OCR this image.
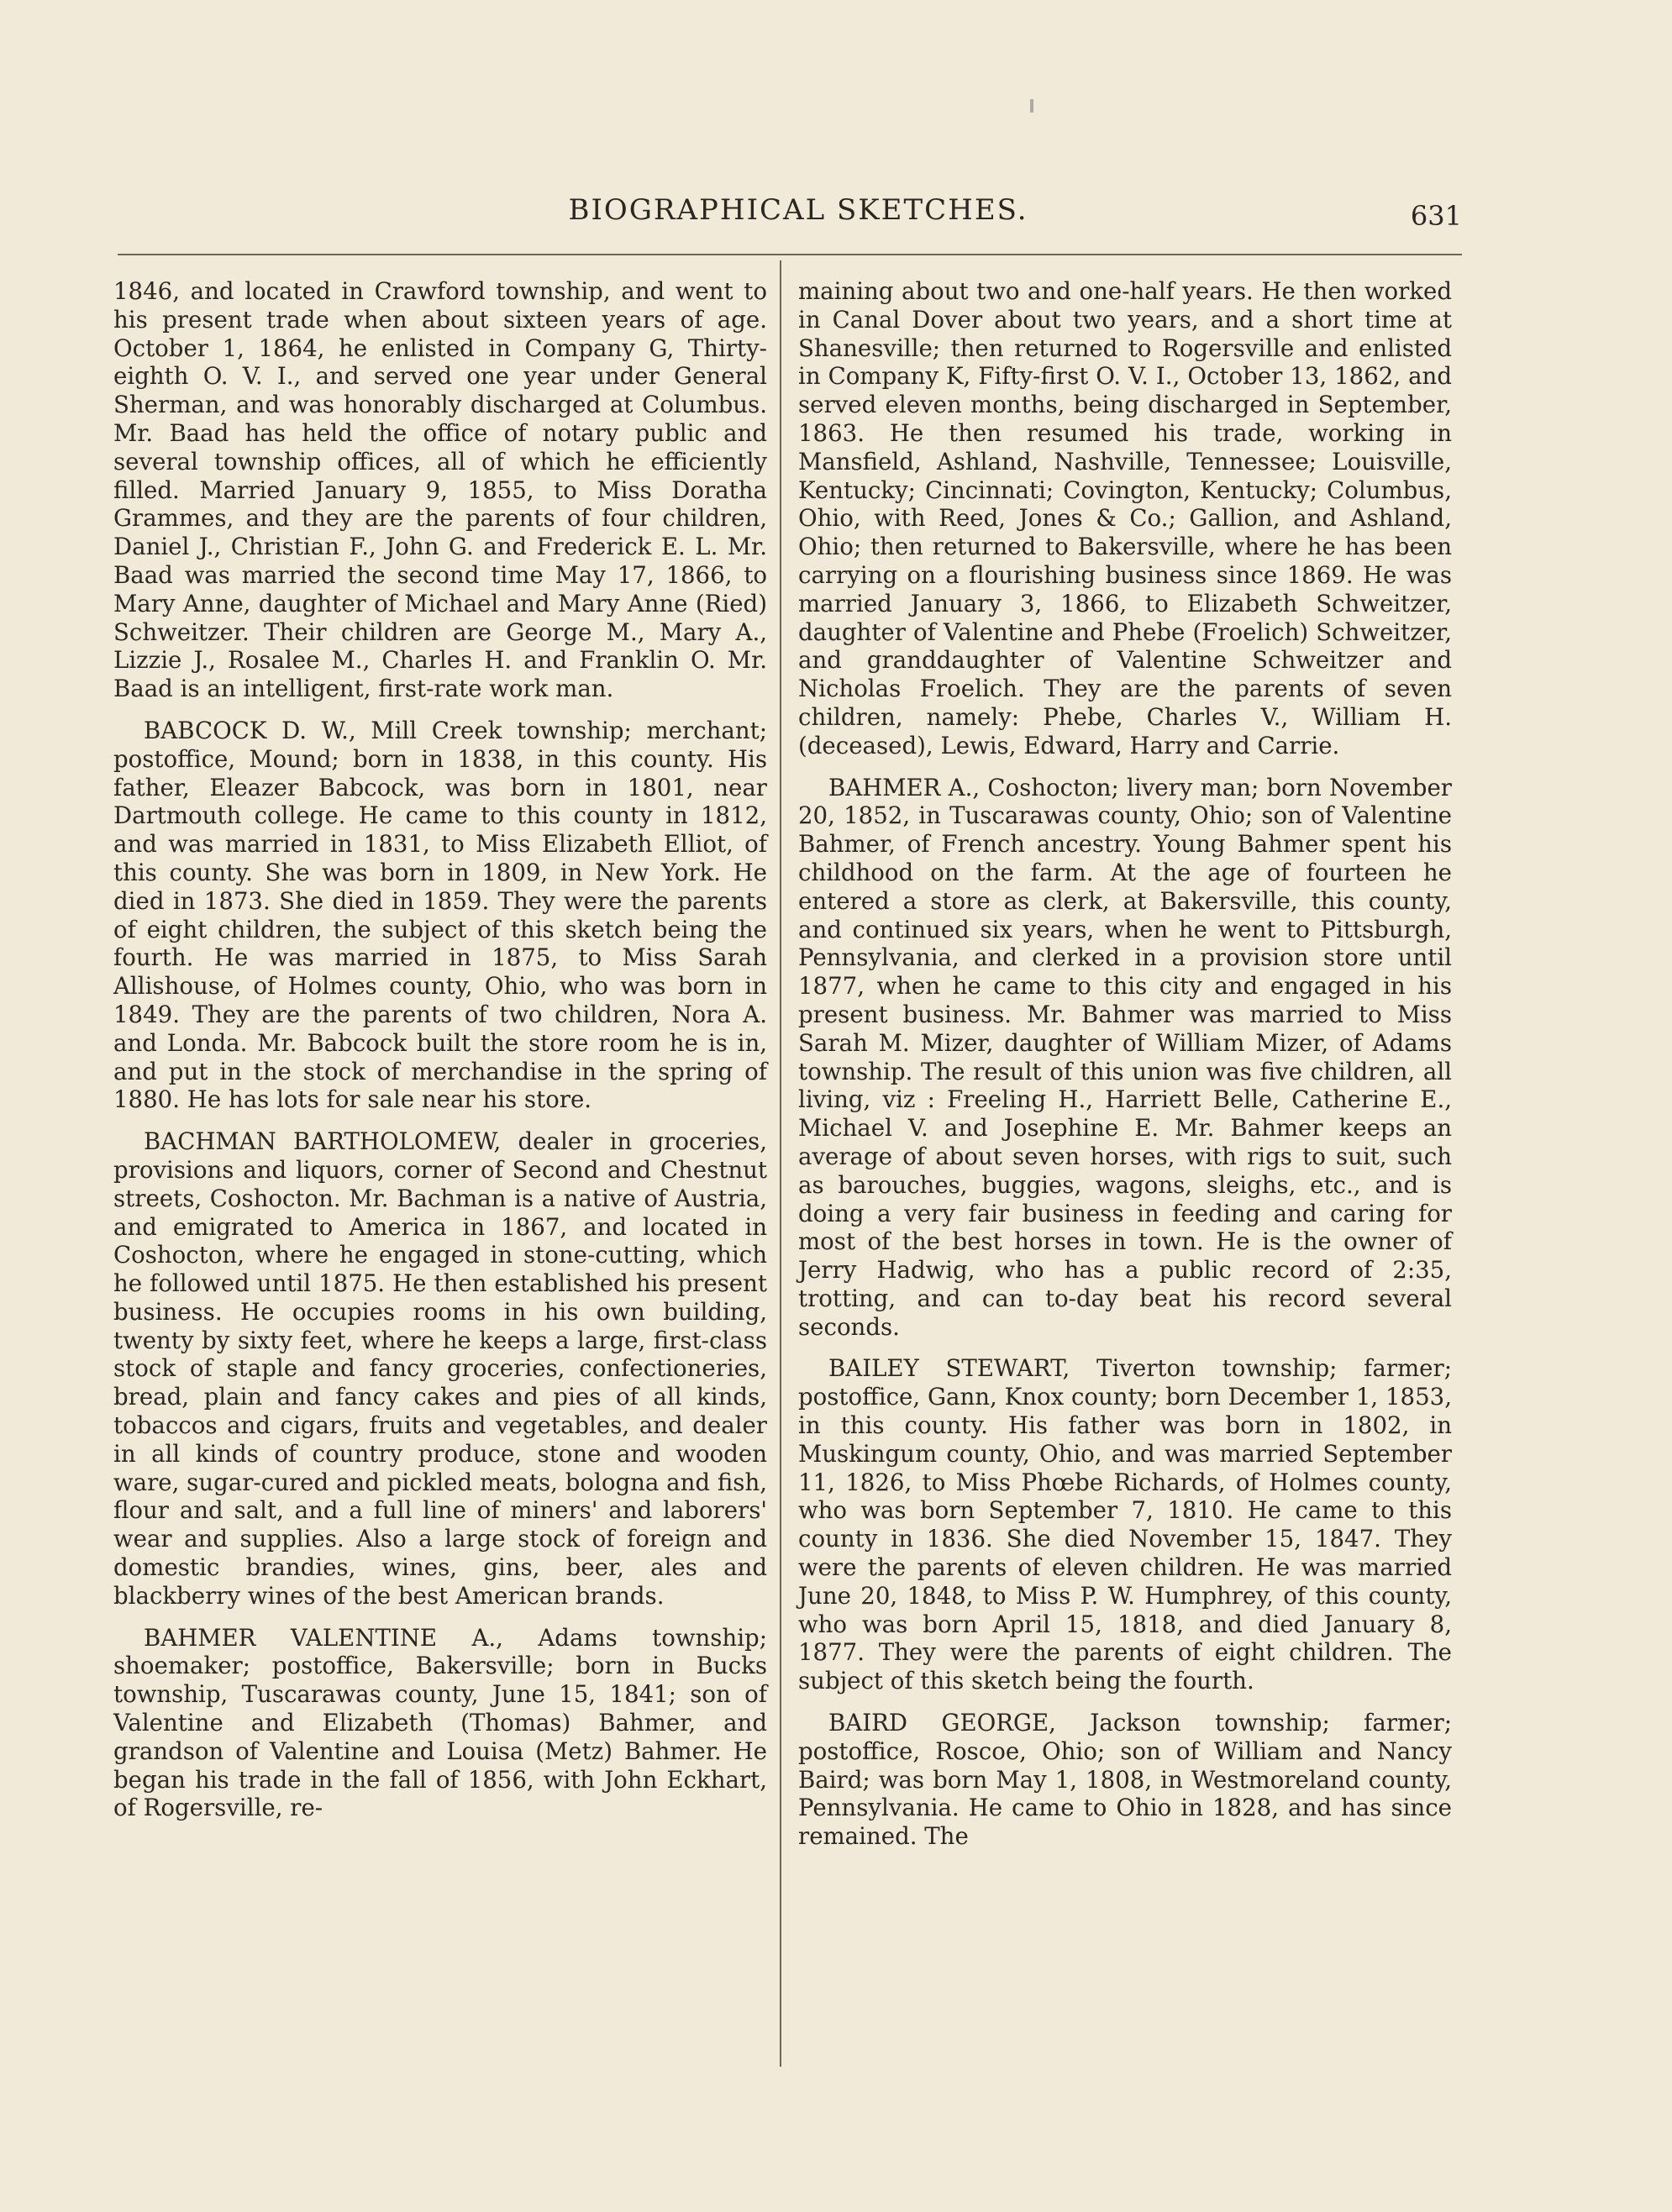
BIOGRAPHICAL SKETCHES.	631

1846, and located in Crawford township, and went to his present trade when about sixteen years of age. October 1, 1864, he enlisted in Company G, Thirty-eighth O. V. I., and served one year under General Sherman, and was honorably discharged at Columbus. Mr. Baad has held the office of notary public and several township offices, all of which he efficiently filled. Married January 9, 1855, to Miss Doratha Grammes, and they are the parents of four children, Daniel J., Christian F., John G. and Frederick E. L. Mr. Baad was married the second time May 17, 1866, to Mary Anne, daughter of Michael and Mary Anne (Ried) Schweitzer. Their children are George M., Mary A., Lizzie J., Rosalee M., Charles H. and Franklin O. Mr. Baad is an intelligent, first-rate work man.

BABCOCK D. W., Mill Creek township; merchant; postoffice, Mound; born in 1838, in this county. His father, Eleazer Babcock, was born in 1801, near Dartmouth college. He came to this county in 1812, and was married in 1831, to Miss Elizabeth Elliot, of this county. She was born in 1809, in New York. He died in 1873. She died in 1859. They were the parents of eight children, the subject of this sketch being the fourth. He was married in 1875, to Miss Sarah Allishouse, of Holmes county, Ohio, who was born in 1849. They are the parents of two children, Nora A. and Londa. Mr. Babcock built the store room he is in, and put in the stock of merchandise in the spring of 1880. He has lots for sale near his store.

BACHMAN BARTHOLOMEW, dealer in groceries, provisions and liquors, corner of Second and Chestnut streets, Coshocton. Mr. Bachman is a native of Austria, and emigrated to America in 1867, and located in Coshocton, where he engaged in stone-cutting, which he followed until 1875. He then established his present business. He occupies rooms in his own building, twenty by sixty feet, where he keeps a large, first-class stock of staple and fancy groceries, confectioneries, bread, plain and fancy cakes and pies of all kinds, tobaccos and cigars, fruits and vegetables, and dealer in all kinds of country produce, stone and wooden ware, sugar-cured and pickled meats, bologna and fish, flour and salt, and a full line of miners' and laborers' wear and supplies. Also a large stock of foreign and domestic brandies, wines, gins, beer, ales and blackberry wines of the best American brands.

BAHMER VALENTINE A., Adams township; shoemaker; postoffice, Bakersville; born in Bucks township, Tuscarawas county, June 15, 1841; son of Valentine and Elizabeth (Thomas) Bahmer, and grandson of Valentine and Louisa (Metz) Bahmer. He began his trade in the fall of 1856, with John Eckhart, of Rogersville, re-

maining about two and one-half years. He then worked in Canal Dover about two years, and a short time at Shanesville; then returned to Rogersville and enlisted in Company K, Fifty-first O. V. I., October 13, 1862, and served eleven months, being discharged in September, 1863. He then resumed his trade, working in Mansfield, Ashland, Nashville, Tennessee; Louisville, Kentucky; Cincinnati; Covington, Kentucky; Columbus, Ohio, with Reed, Jones & Co.; Gallion, and Ashland, Ohio; then returned to Bakersville, where he has been carrying on a flourishing business since 1869. He was married January 3, 1866, to Elizabeth Schweitzer, daughter of Valentine and Phebe (Froelich) Schweitzer, and granddaughter of Valentine Schweitzer and Nicholas Froelich. They are the parents of seven children, namely: Phebe, Charles V., William H. (deceased), Lewis, Edward, Harry and Carrie.

BAHMER A., Coshocton; livery man; born November 20, 1852, in Tuscarawas county, Ohio; son of Valentine Bahmer, of French ancestry. Young Bahmer spent his childhood on the farm. At the age of fourteen he entered a store as clerk, at Bakersville, this county, and continued six years, when he went to Pittsburgh, Pennsylvania, and clerked in a provision store until 1877, when he came to this city and engaged in his present business. Mr. Bahmer was married to Miss Sarah M. Mizer, daughter of William Mizer, of Adams township. The result of this union was five children, all living, viz : Freeling H., Harriett Belle, Catherine E., Michael V. and Josephine E. Mr. Bahmer keeps an average of about seven horses, with rigs to suit, such as barouches, buggies, wagons, sleighs, etc., and is doing a very fair business in feeding and caring for most of the best horses in town. He is the owner of Jerry Hadwig, who has a public record of 2:35, trotting, and can to-day beat his record several seconds.

BAILEY STEWART, Tiverton township; farmer; postoffice, Gann, Knox county; born December 1, 1853, in this county. His father was born in 1802, in Muskingum county, Ohio, and was married September 11, 1826, to Miss Phœbe Richards, of Holmes county, who was born September 7, 1810. He came to this county in 1836. She died November 15, 1847. They were the parents of eleven children. He was married June 20, 1848, to Miss P. W. Humphrey, of this county, who was born April 15, 1818, and died January 8, 1877. They were the parents of eight children. The subject of this sketch being the fourth.

BAIRD GEORGE, Jackson township; farmer; postoffice, Roscoe, Ohio; son of William and Nancy Baird; was born May 1, 1808, in Westmoreland county, Pennsylvania. He came to Ohio in 1828, and has since remained. The
